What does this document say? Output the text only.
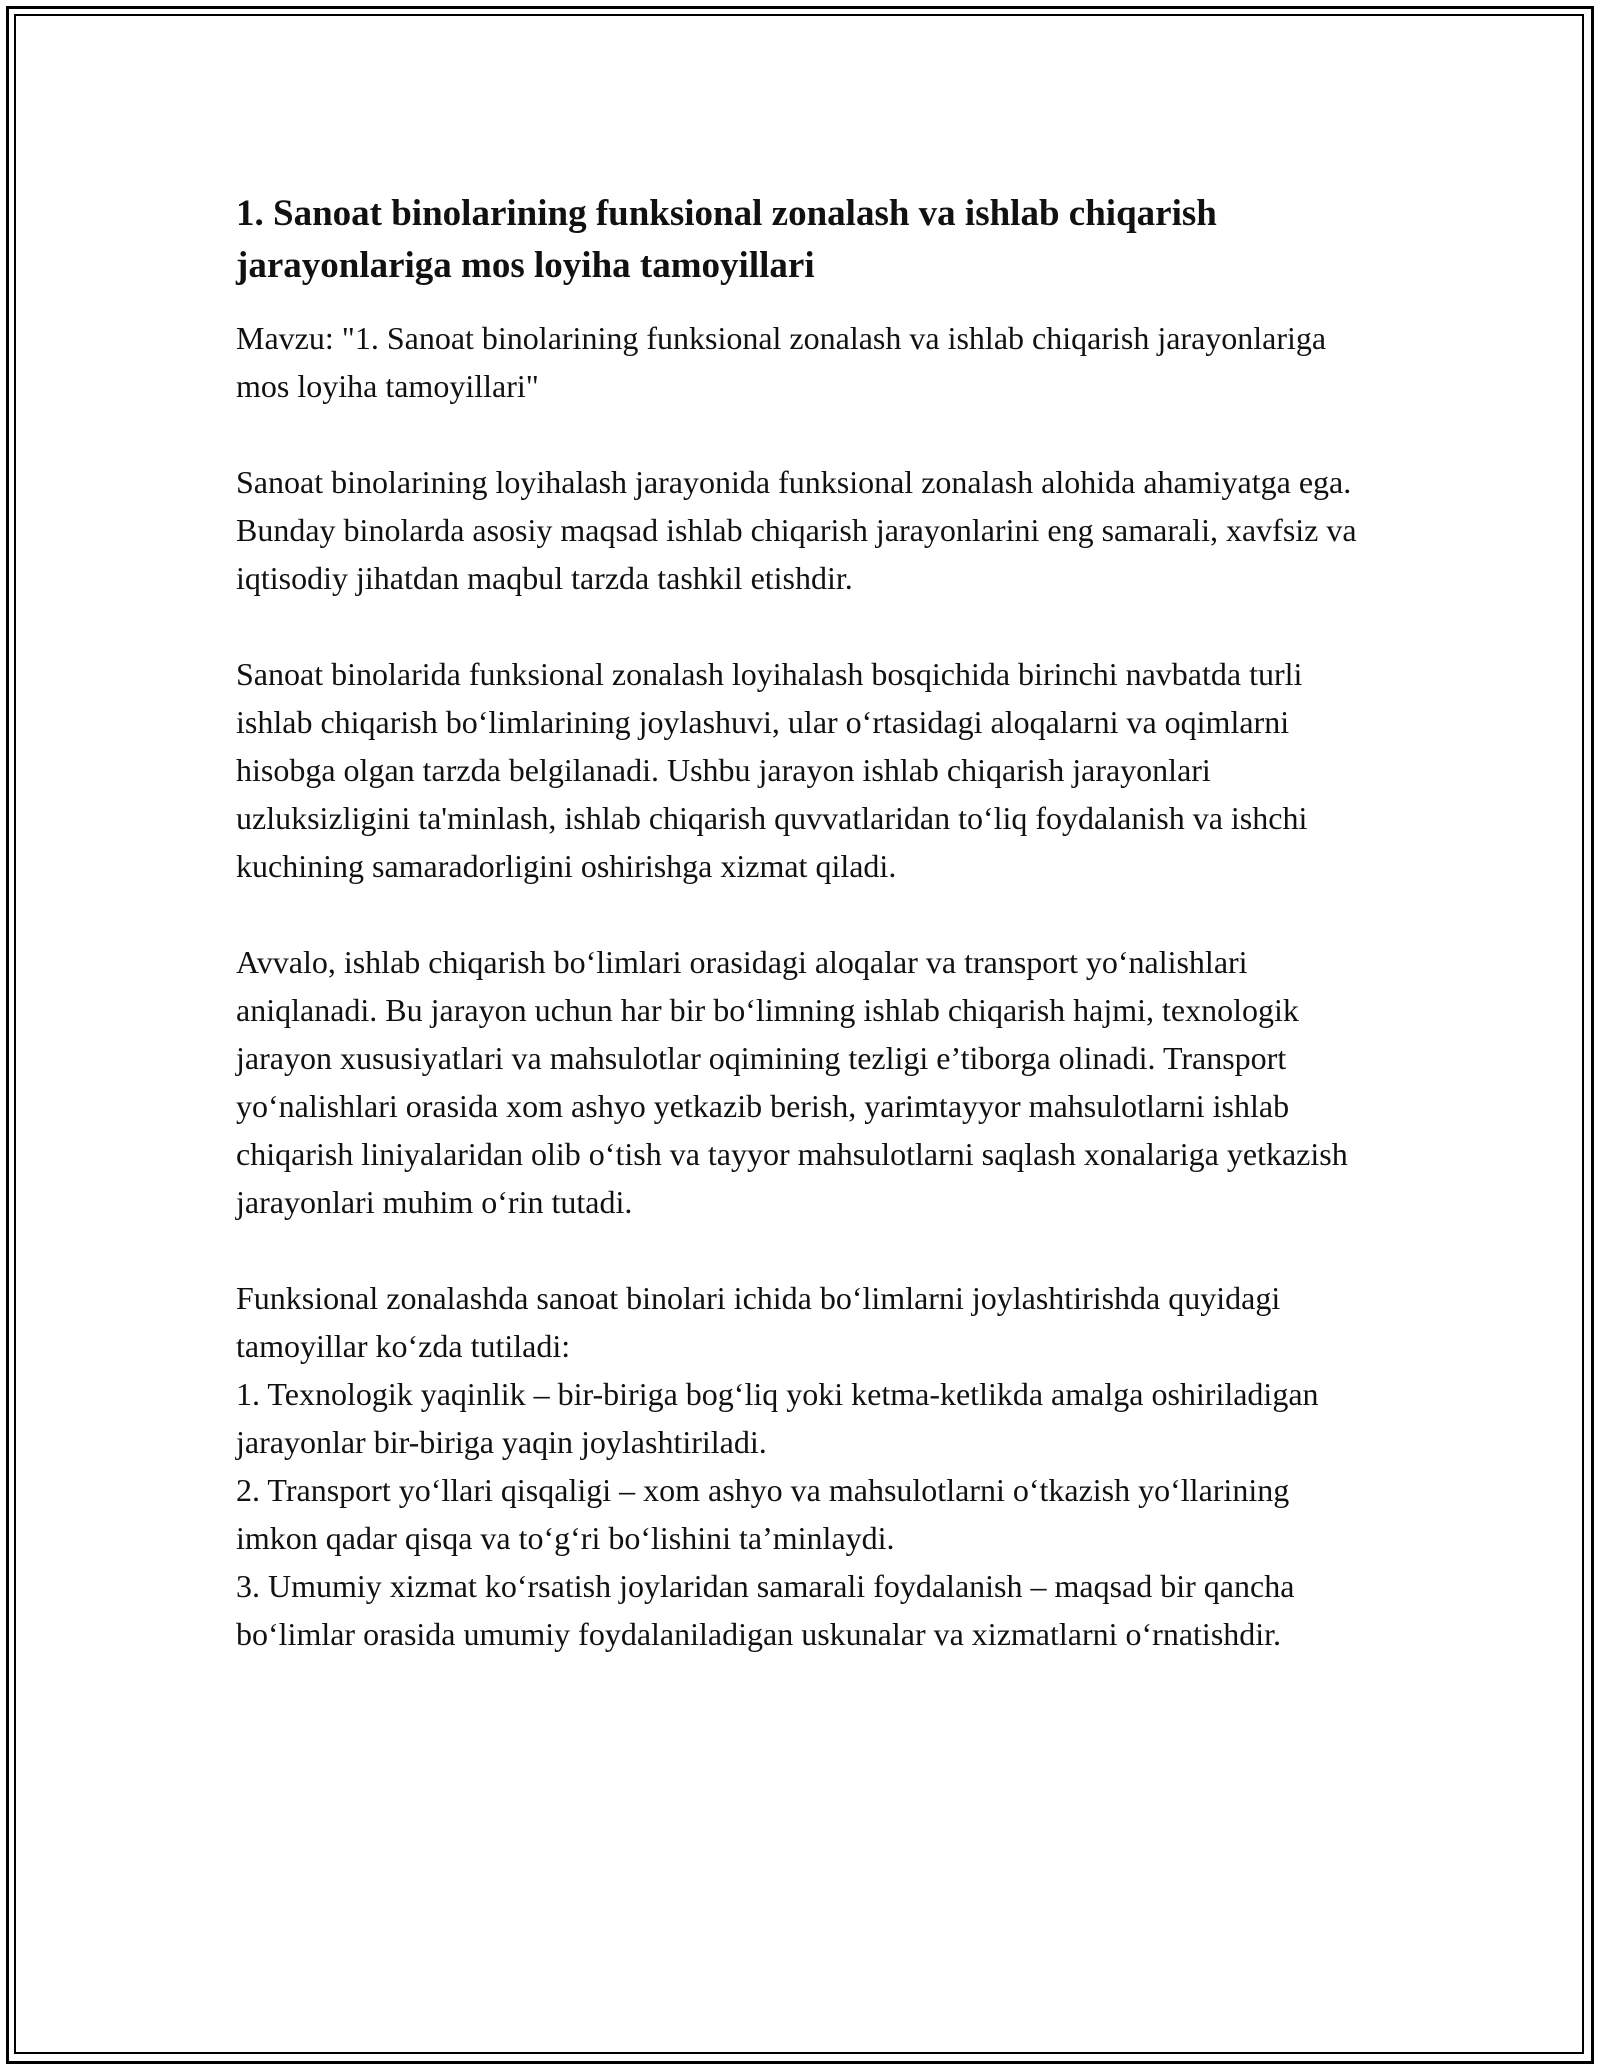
1. Sanoat binolarining funksional zonalash va ishlab chiqarish jarayonlariga mos loyiha tamoyillari

Mavzu: "1. Sanoat binolarining funksional zonalash va ishlab chiqarish jarayonlariga mos loyiha tamoyillari"

Sanoat binolarining loyihalash jarayonida funksional zonalash alohida ahamiyatga ega. Bunday binolarda asosiy maqsad ishlab chiqarish jarayonlarini eng samarali, xavfsiz va iqtisodiy jihatdan maqbul tarzda tashkil etishdir.

Sanoat binolarida funksional zonalash loyihalash bosqichida birinchi navbatda turli ishlab chiqarish bo‘limlarining joylashuvi, ular o‘rtasidagi aloqalarni va oqimlarni hisobga olgan tarzda belgilanadi. Ushbu jarayon ishlab chiqarish jarayonlari uzluksizligini ta'minlash, ishlab chiqarish quvvatlaridan to‘liq foydalanish va ishchi kuchining samaradorligini oshirishga xizmat qiladi.

Avvalo, ishlab chiqarish bo‘limlari orasidagi aloqalar va transport yo‘nalishlari aniqlanadi. Bu jarayon uchun har bir bo‘limning ishlab chiqarish hajmi, texnologik jarayon xususiyatlari va mahsulotlar oqimining tezligi e’tiborga olinadi. Transport yo‘nalishlari orasida xom ashyo yetkazib berish, yarimtayyor mahsulotlarni ishlab chiqarish liniyalaridan olib o‘tish va tayyor mahsulotlarni saqlash xonalariga yetkazish jarayonlari muhim o‘rin tutadi.

Funksional zonalashda sanoat binolari ichida bo‘limlarni joylashtirishda quyidagi tamoyillar ko‘zda tutiladi:

1. Texnologik yaqinlik – bir-biriga bog‘liq yoki ketma-ketlikda amalga oshiriladigan jarayonlar bir-biriga yaqin joylashtiriladi.

2. Transport yo‘llari qisqaligi – xom ashyo va mahsulotlarni o‘tkazish yo‘llarining imkon qadar qisqa va to‘g‘ri bo‘lishini ta’minlaydi.

3. Umumiy xizmat ko‘rsatish joylaridan samarali foydalanish – maqsad bir qancha bo‘limlar orasida umumiy foydalaniladigan uskunalar va xizmatlarni o‘rnatishdir.
